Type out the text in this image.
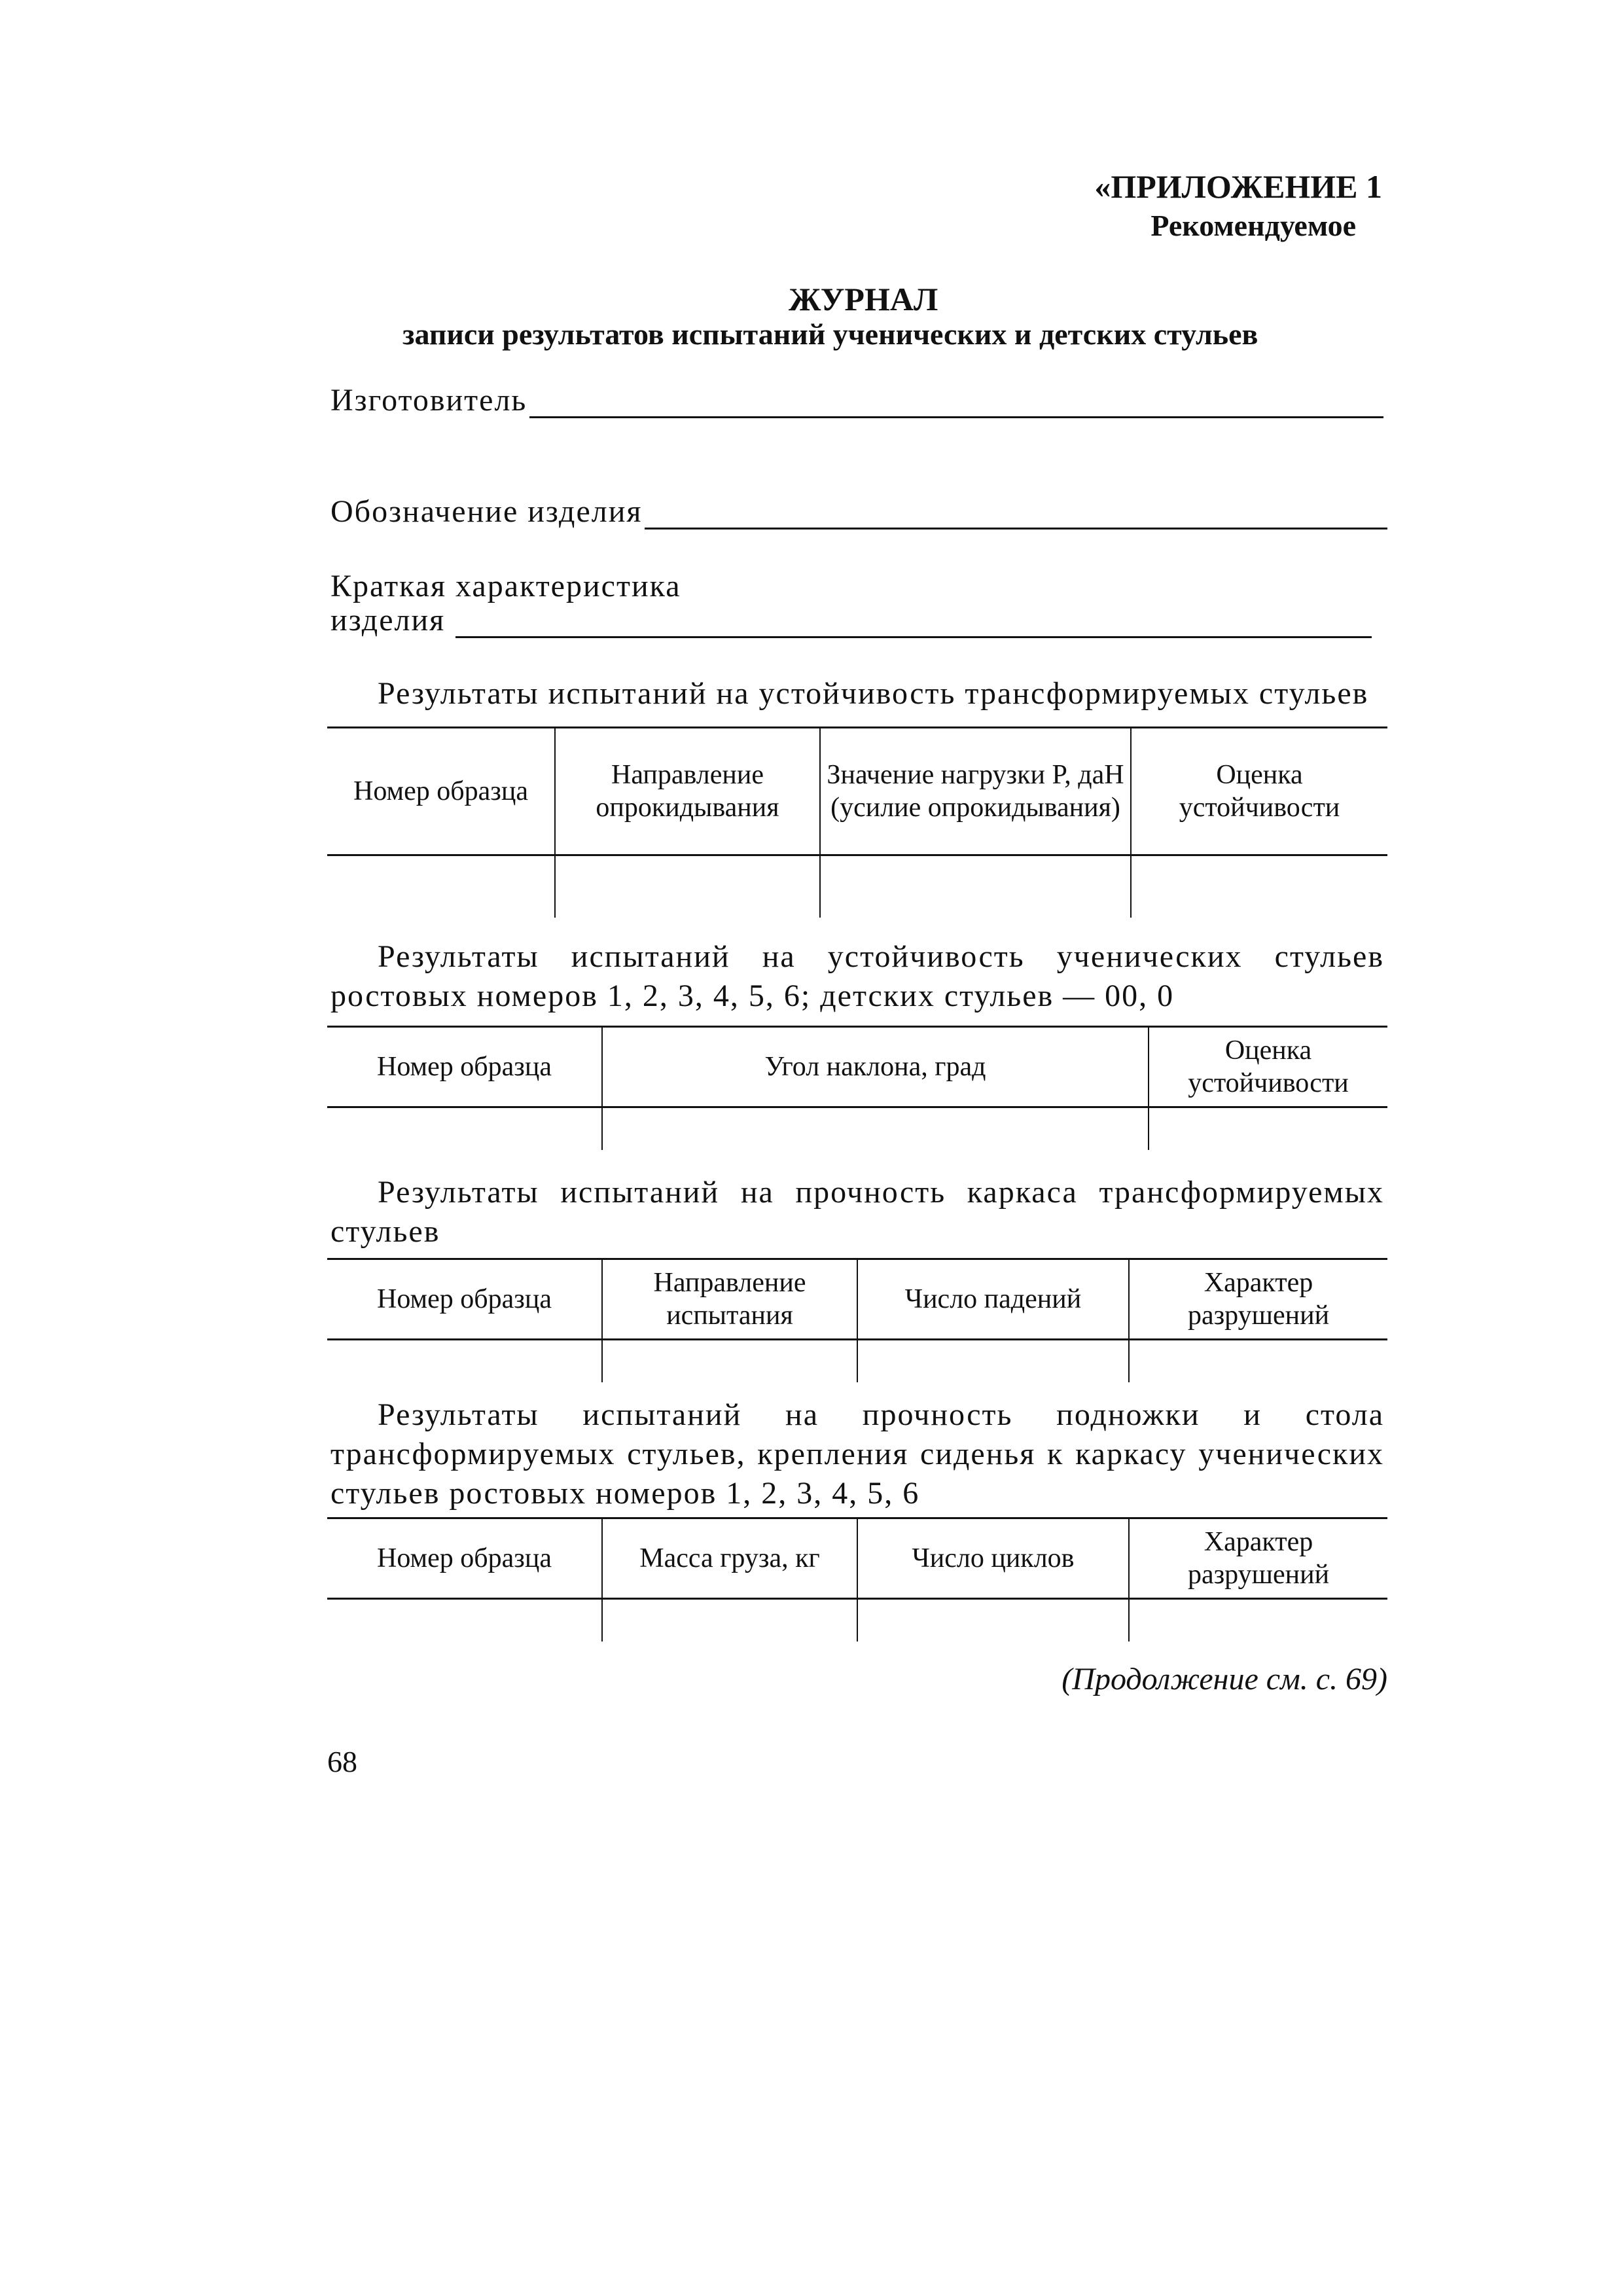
«ПРИЛОЖЕНИЕ 1
Рекомендуемое
ЖУРНАЛ
записи результатов испытаний ученических и детских стульев
Изготовитель
Обозначение изделия
Краткая характеристика
изделия
Результаты испытаний на устойчивость трансформируемых стульев
Номер образца	Направление опрокидывания	Значение нагрузки P, даН (усилие опрокидывания)	Оценка устойчивости

Результаты испытаний на устойчивость ученических стульев ростовых номеров 1, 2, 3, 4, 5, 6; детских стульев — 00, 0
Номер образца	Угол наклона, град	Оценка устойчивости

Результаты испытаний на прочность каркаса трансформируемых стульев
Номер образца	Направление испытания	Число падений	Характер разрушений

Результаты испытаний на прочность подножки и стола трансформируемых стульев, крепления сиденья к каркасу ученических стульев ростовых номеров 1, 2, 3, 4, 5, 6
Номер образца	Масса груза, кг	Число циклов	Характер разрушений

(Продолжение см. с. 69)
68
